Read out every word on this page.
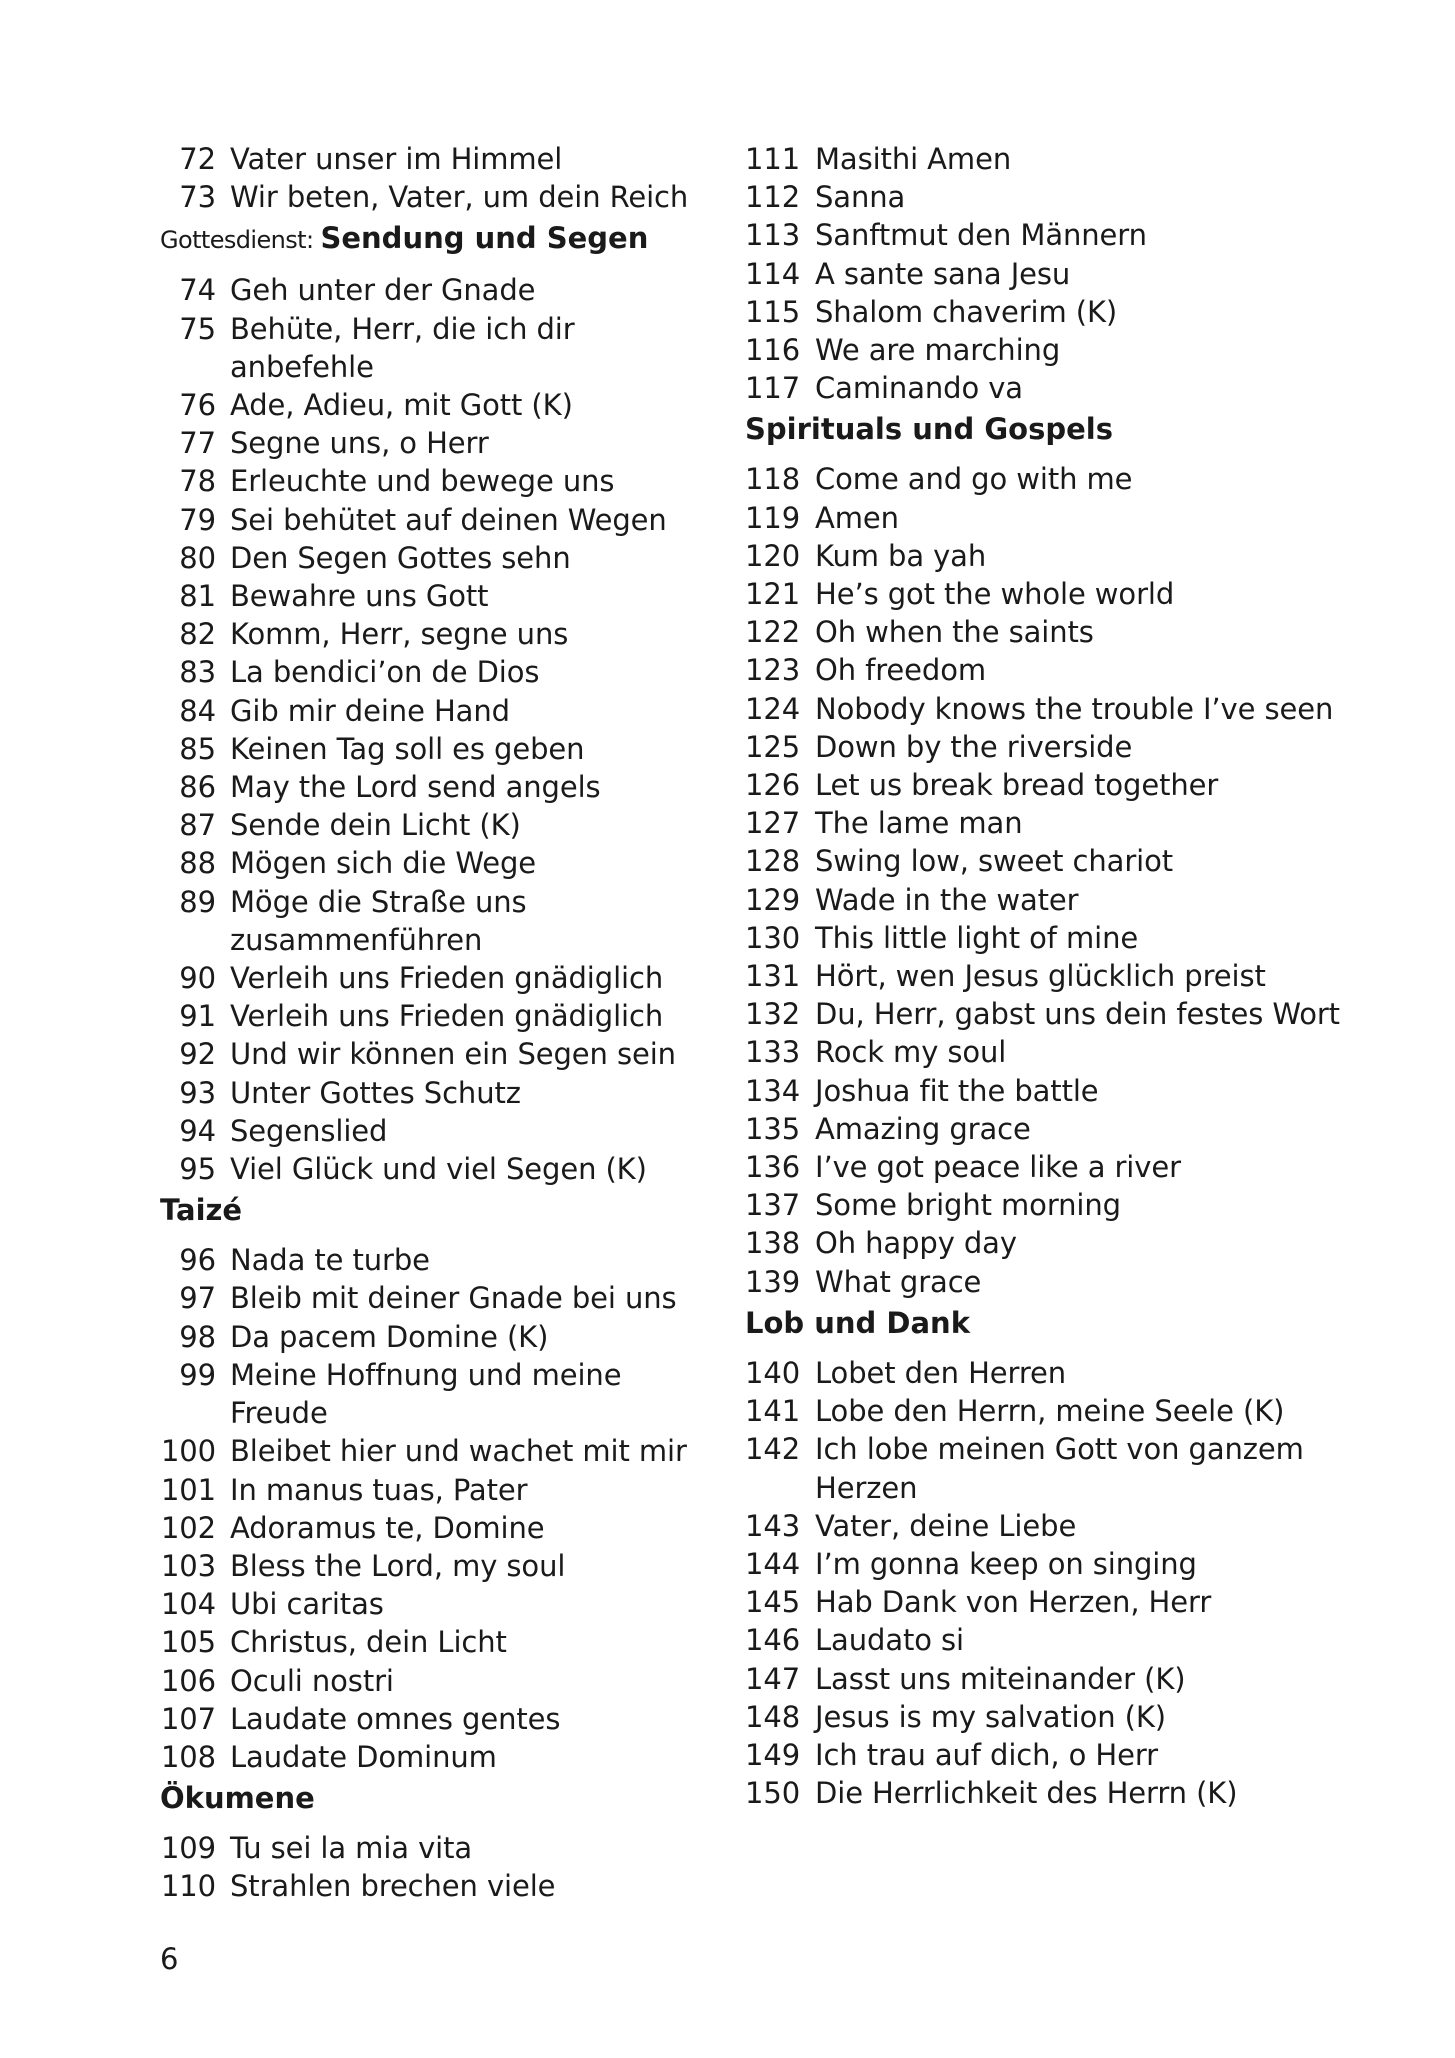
72 Vater unser im Himmel
73 Wir beten, Vater, um dein Reich
Gottesdienst: Sendung und Segen
74 Geh unter der Gnade
75 Behüte, Herr, die ich dir anbefehle
76 Ade, Adieu, mit Gott (K)
77 Segne uns, o Herr
78 Erleuchte und bewege uns
79 Sei behütet auf deinen Wegen
80 Den Segen Gottes sehn
81 Bewahre uns Gott
82 Komm, Herr, segne uns
83 La bendici’on de Dios
84 Gib mir deine Hand
85 Keinen Tag soll es geben
86 May the Lord send angels
87 Sende dein Licht (K)
88 Mögen sich die Wege
89 Möge die Straße uns zusammenführen
90 Verleih uns Frieden gnädiglich
91 Verleih uns Frieden gnädiglich
92 Und wir können ein Segen sein
93 Unter Gottes Schutz
94 Segenslied
95 Viel Glück und viel Segen (K)
Taizé
96 Nada te turbe
97 Bleib mit deiner Gnade bei uns
98 Da pacem Domine (K)
99 Meine Hoffnung und meine Freude
100 Bleibet hier und wachet mit mir
101 In manus tuas, Pater
102 Adoramus te, Domine
103 Bless the Lord, my soul
104 Ubi caritas
105 Christus, dein Licht
106 Oculi nostri
107 Laudate omnes gentes
108 Laudate Dominum
Ökumene
109 Tu sei la mia vita
110 Strahlen brechen viele
111 Masithi Amen
112 Sanna
113 Sanftmut den Männern
114 A sante sana Jesu
115 Shalom chaverim (K)
116 We are marching
117 Caminando va
Spirituals und Gospels
118 Come and go with me
119 Amen
120 Kum ba yah
121 He’s got the whole world
122 Oh when the saints
123 Oh freedom
124 Nobody knows the trouble I’ve seen
125 Down by the riverside
126 Let us break bread together
127 The lame man
128 Swing low, sweet chariot
129 Wade in the water
130 This little light of mine
131 Hört, wen Jesus glücklich preist
132 Du, Herr, gabst uns dein festes Wort
133 Rock my soul
134 Joshua fit the battle
135 Amazing grace
136 I’ve got peace like a river
137 Some bright morning
138 Oh happy day
139 What grace
Lob und Dank
140 Lobet den Herren
141 Lobe den Herrn, meine Seele (K)
142 Ich lobe meinen Gott von ganzem Herzen
143 Vater, deine Liebe
144 I’m gonna keep on singing
145 Hab Dank von Herzen, Herr
146 Laudato si
147 Lasst uns miteinander (K)
148 Jesus is my salvation (K)
149 Ich trau auf dich, o Herr
150 Die Herrlichkeit des Herrn (K)
6
